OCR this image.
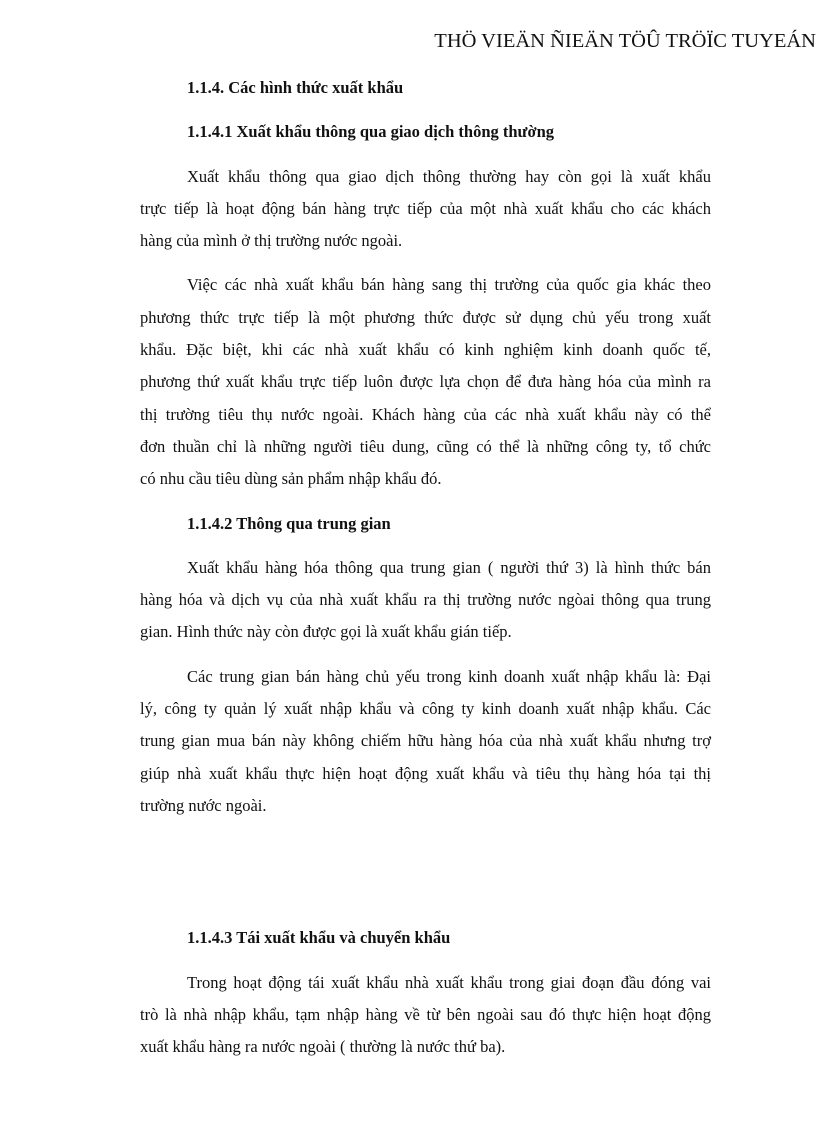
THÖ VIEÄN ÑIEÄN TÖÛ TRÖÏC TUYEÁN
1.1.4. Các hình thức xuất khẩu
1.1.4.1 Xuất khẩu thông qua giao dịch thông thường
Xuất khẩu thông qua giao dịch thông thường hay còn gọi là xuất khẩu
trực tiếp là hoạt động bán hàng trực tiếp của một nhà xuất khẩu cho các khách
hàng của mình ở thị trường nước ngoài.
Việc các nhà xuất khẩu bán hàng sang thị trường của quốc gia khác theo
phương thức trực tiếp là một phương thức được sử dụng chủ yếu trong xuất
khẩu. Đặc biệt, khi các nhà xuất khẩu có kinh nghiệm kinh doanh quốc tế,
phương thứ xuất khẩu trực tiếp luôn được lựa chọn để đưa hàng hóa của mình ra
thị trường tiêu thụ nước ngoài. Khách hàng của các nhà xuất khẩu này có thể
đơn thuần chỉ là những người tiêu dung, cũng có thể là những công ty, tổ chức
có nhu cầu tiêu dùng sản phẩm nhập khẩu đó.
1.1.4.2 Thông qua trung gian
Xuất khẩu hàng hóa thông qua trung gian ( người thứ 3) là hình thức bán
hàng hóa và dịch vụ của nhà xuất khẩu ra thị trường nước ngòai thông qua trung
gian. Hình thức này còn được gọi là xuất khẩu gián tiếp.
Các trung gian bán hàng chủ yếu trong kinh doanh xuất nhập khẩu là: Đại
lý, công ty quản lý xuất nhập khẩu và công ty kinh doanh xuất nhập khẩu. Các
trung gian mua bán này không chiếm hữu hàng hóa của nhà xuất khẩu nhưng trợ
giúp nhà xuất khẩu thực hiện hoạt động xuất khẩu và tiêu thụ hàng hóa tại thị
trường nước ngoài.
1.1.4.3 Tái xuất khẩu và chuyển khẩu
Trong hoạt động tái xuất khẩu nhà xuất khẩu trong giai đoạn đầu đóng vai
trò là nhà nhập khẩu, tạm nhập hàng về từ bên ngoài sau đó thực hiện hoạt động
xuất khẩu hàng ra nước ngoài ( thường là nước thứ ba).
